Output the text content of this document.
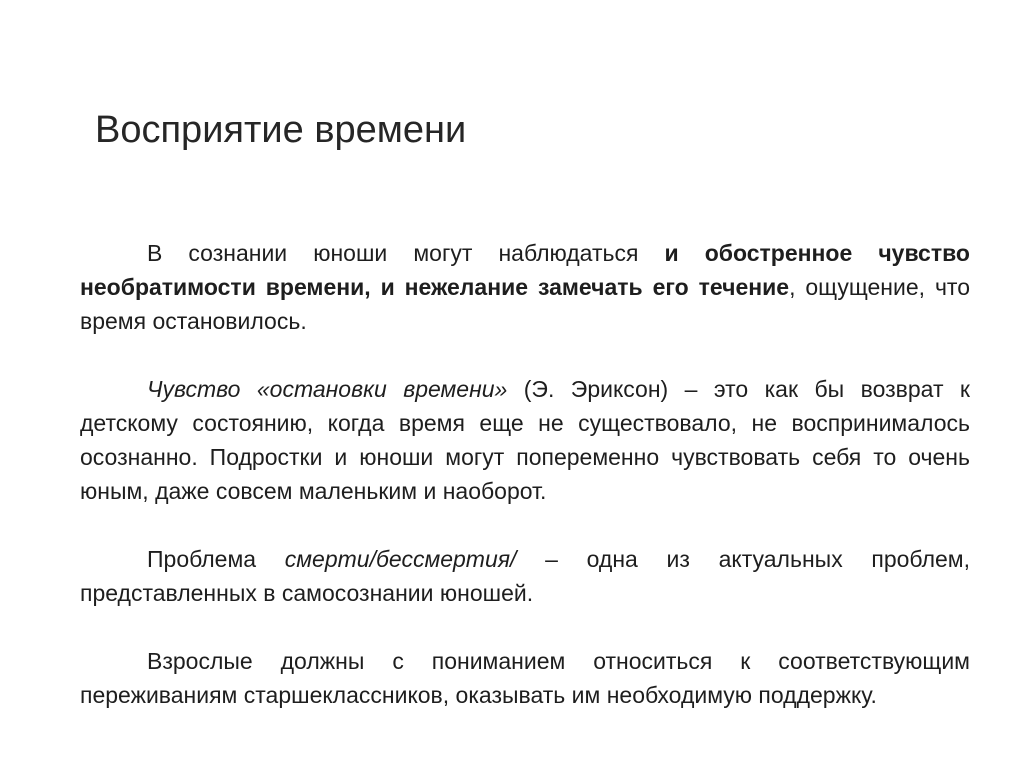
Восприятие времени

В сознании юноши могут наблюдаться и обостренное чувство необратимости времени, и нежелание замечать его течение, ощущение, что время остановилось.

Чувство «остановки времени» (Э. Эриксон) – это как бы возврат к детскому состоянию, когда время еще не существовало, не воспринималось осознанно. Подростки и юноши могут попеременно чувствовать себя то очень юным, даже совсем маленьким и наоборот.

Проблема смерти/бессмертия/ – одна из актуальных проблем, представленных в самосознании юношей.

Взрослые должны с пониманием относиться к соответствующим переживаниям старшеклассников, оказывать им необходимую поддержку.
